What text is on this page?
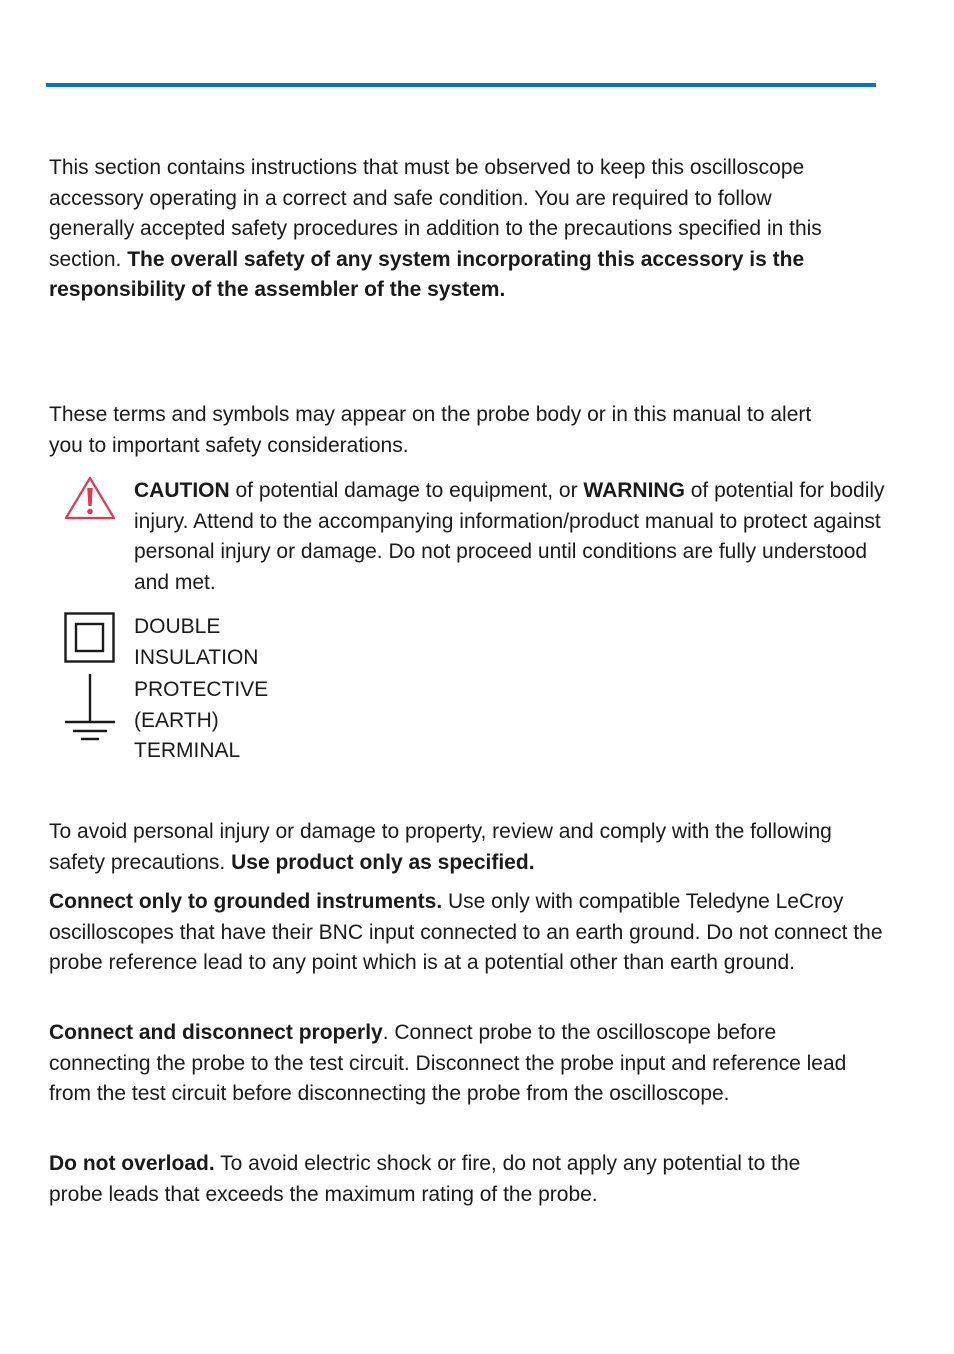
This section contains instructions that must be observed to keep this oscilloscope accessory operating in a correct and safe condition. You are required to follow generally accepted safety procedures in addition to the precautions specified in this section. The overall safety of any system incorporating this accessory is the responsibility of the assembler of the system.

These terms and symbols may appear on the probe body or in this manual to alert you to important safety considerations.

CAUTION of potential damage to equipment, or WARNING of potential for bodily injury. Attend to the accompanying information/product manual to protect against personal injury or damage. Do not proceed until conditions are fully understood and met.

DOUBLE INSULATION

PROTECTIVE (EARTH) TERMINAL

To avoid personal injury or damage to property, review and comply with the following safety precautions. Use product only as specified.

Connect only to grounded instruments. Use only with compatible Teledyne LeCroy oscilloscopes that have their BNC input connected to an earth ground. Do not connect the probe reference lead to any point which is at a potential other than earth ground.

Connect and disconnect properly. Connect probe to the oscilloscope before connecting the probe to the test circuit. Disconnect the probe input and reference lead from the test circuit before disconnecting the probe from the oscilloscope.

Do not overload. To avoid electric shock or fire, do not apply any potential to the probe leads that exceeds the maximum rating of the probe.
